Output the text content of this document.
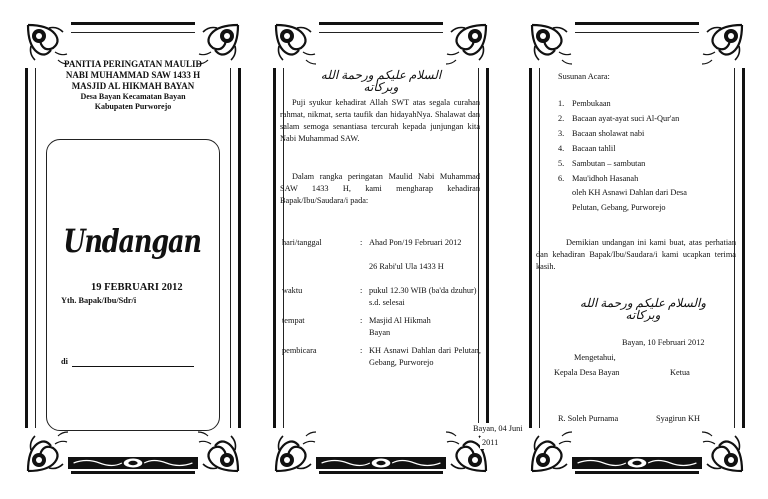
PANITIA PERINGATAN MAULID NABI MUHAMMAD SAW 1433 H
MASJID AL HIKMAH BAYAN
Desa Bayan Kecamatan Bayan
Kabupaten Purworejo
Undangan
19 FEBRUARI 2012
Yth. Bapak/Ibu/Sdr/i
di
السلام عليكم ورحمة الله وبركاته
Puji syukur kehadirat Allah SWT atas segala curahan rahmat, nikmat, serta taufik dan hidayahNya. Shalawat dan salam semoga senantiasa tercurah kepada junjungan kita Nabi Muhammad SAW.
Dalam rangka peringatan Maulid Nabi Muhammad SAW 1433 H, kami mengharap kehadiran Bapak/Ibu/Saudara/i pada:
hari/tanggal	: Ahad Pon/19 Februari 2012
26 Rabi'ul Ula 1433 H
waktu	: pukul 12.30 WIB (ba'da dzuhur) s.d. selesai
tempat	: Masjid Al Hikmah Bayan
pembicara	: KH Asnawi Dahlan dari Pelutan, Gebang, Purworejo
Bayan, 04 Juni
2011
Susunan Acara:
1. Pembukaan
2. Bacaan ayat-ayat suci Al-Qur'an
3. Bacaan sholawat nabi
4. Bacaan tahlil
5. Sambutan – sambutan
6. Mau'idhoh Hasanah
oleh KH Asnawi Dahlan dari Desa
Pelutan, Gebang, Purworejo
Demikian undangan ini kami buat, atas perhatian dan kehadiran Bapak/Ibu/Saudara/i kami ucapkan terima kasih.
والسلام عليكم ورحمة الله وبركاته
Bayan, 10 Februari 2012
Mengetahui,
Kepala Desa Bayan	Ketua
R. Soleh Purnama	Syagirun KH
